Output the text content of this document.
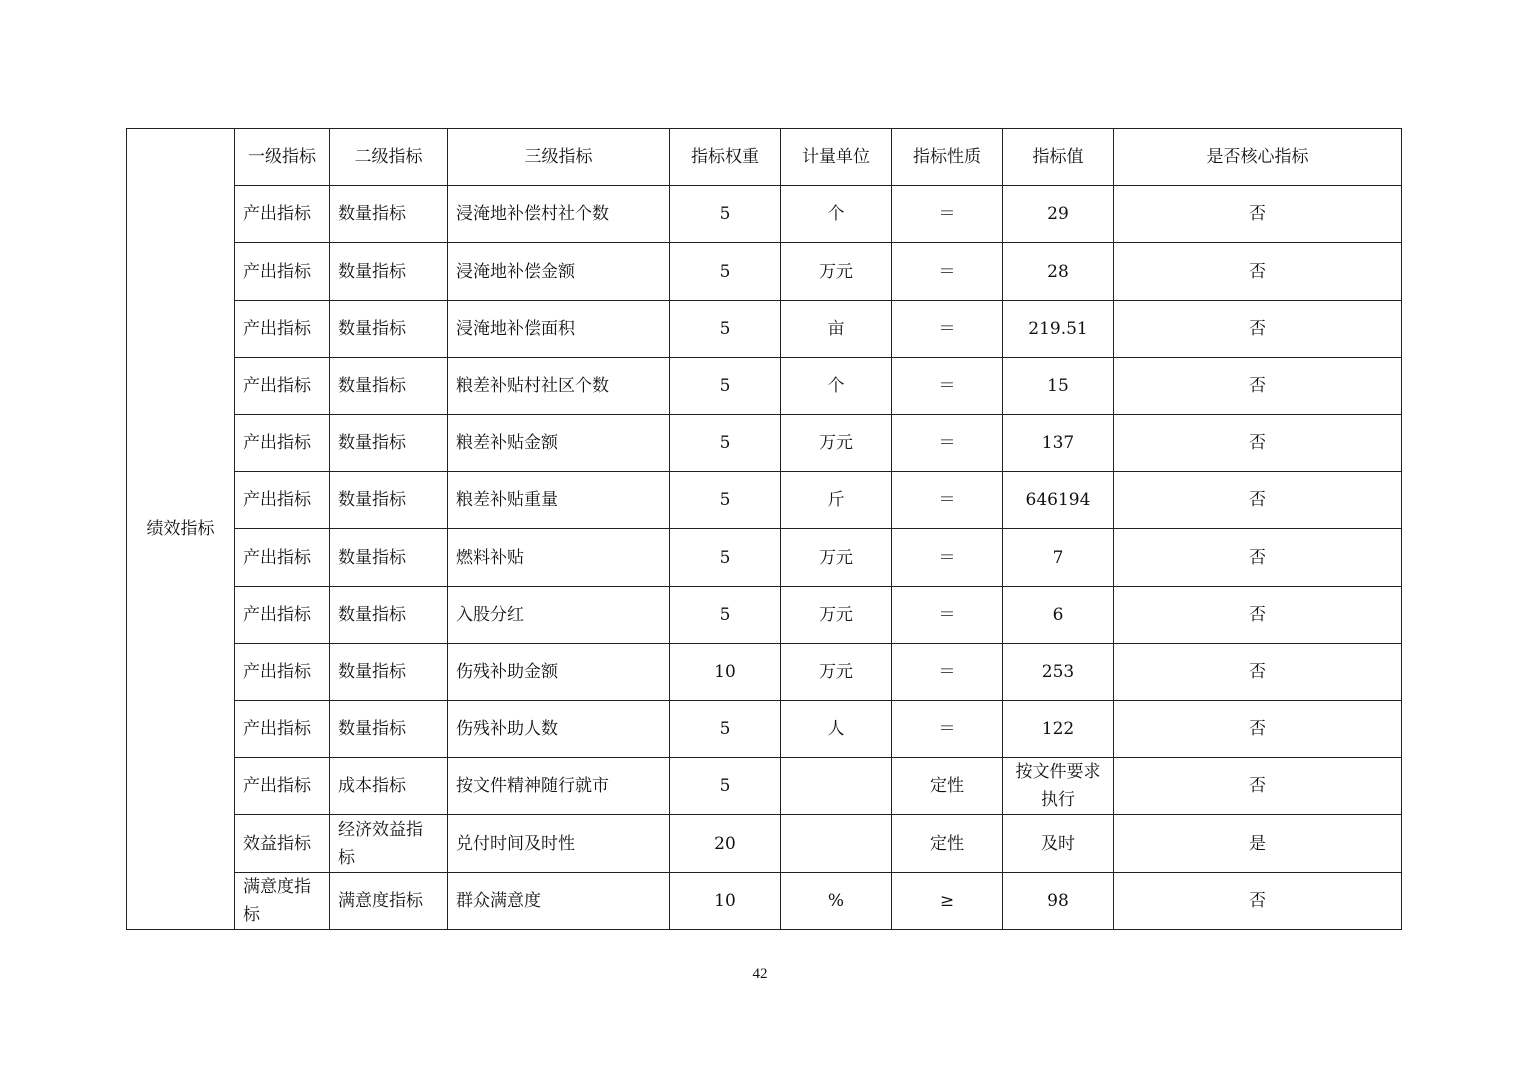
绩效指标	一级指标	二级指标	三级指标	指标权重	计量单位	指标性质	指标值	是否核心指标
	产出指标	数量指标	浸淹地补偿村社个数	5	个	＝	29	否
	产出指标	数量指标	浸淹地补偿金额	5	万元	＝	28	否
	产出指标	数量指标	浸淹地补偿面积	5	亩	＝	219.51	否
	产出指标	数量指标	粮差补贴村社区个数	5	个	＝	15	否
	产出指标	数量指标	粮差补贴金额	5	万元	＝	137	否
	产出指标	数量指标	粮差补贴重量	5	斤	＝	646194	否
	产出指标	数量指标	燃料补贴	5	万元	＝	7	否
	产出指标	数量指标	入股分红	5	万元	＝	6	否
	产出指标	数量指标	伤残补助金额	10	万元	＝	253	否
	产出指标	数量指标	伤残补助人数	5	人	＝	122	否
	产出指标	成本指标	按文件精神随行就市	5		定性	按文件要求执行	否
	效益指标	经济效益指标	兑付时间及时性	20		定性	及时	是
	满意度指标	满意度指标	群众满意度	10	%	≥	98	否
42
